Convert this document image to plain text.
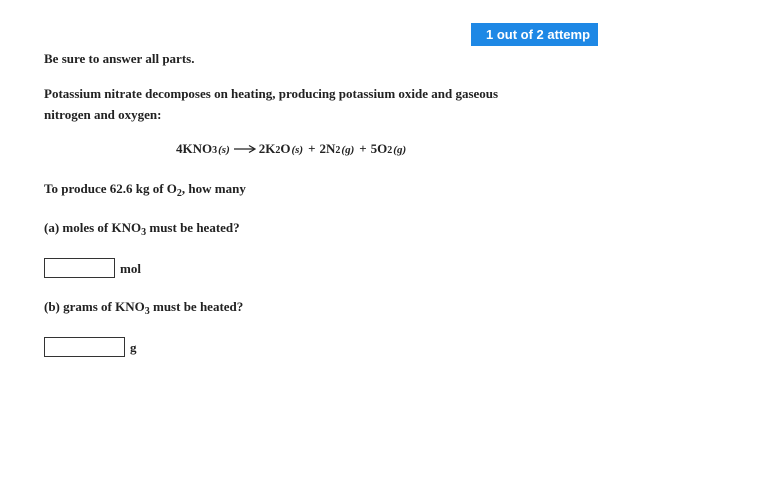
1 out of 2 attemp
Be sure to answer all parts.
Potassium nitrate decomposes on heating, producing potassium oxide and gaseous
nitrogen and oxygen:
4 KNO 3 (s) → 2 K 2 O (s) + 2 N 2 (g) + 5 O 2 (g)
To produce 62.6 kg of $O_2$, how many
(a) moles of $KNO_3$ must be heated?
mol
(b) grams of $KNO_3$ must be heated?
g
